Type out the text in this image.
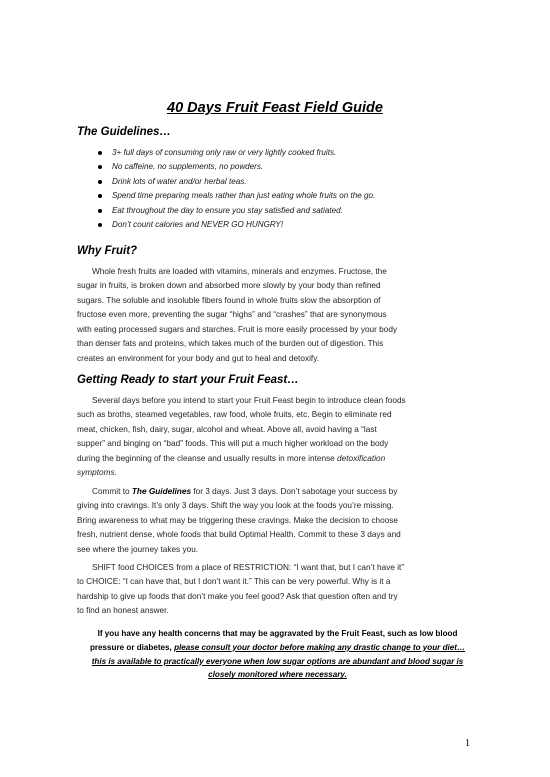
40 Days Fruit Feast Field Guide
The Guidelines…
3+ full days of consuming only raw or very lightly cooked fruits.
No caffeine, no supplements, no powders.
Drink lots of water and/or herbal teas.
Spend time preparing meals rather than just eating whole fruits on the go.
Eat throughout the day to ensure you stay satisfied and satiated.
Don’t count calories and NEVER GO HUNGRY!
Why Fruit?

Whole fresh fruits are loaded with vitamins, minerals and enzymes. Fructose, the

sugar in fruits, is broken down and absorbed more slowly by your body than refined

sugars. The soluble and insoluble fibers found in whole fruits slow the absorption of

fructose even more, preventing the sugar “highs” and “crashes” that are synonymous

with eating processed sugars and starches. Fruit is more easily processed by your body

than denser fats and proteins, which takes much of the burden out of digestion. This

creates an environment for your body and gut to heal and detoxify.

Getting Ready to start your Fruit Feast…

Several days before you intend to start your Fruit Feast begin to introduce clean foods

such as broths, steamed vegetables, raw food, whole fruits, etc. Begin to eliminate red

meat, chicken, fish, dairy, sugar, alcohol and wheat. Above all, avoid having a “last

supper” and binging on “bad” foods. This will put a much higher workload on the body

during the beginning of the cleanse and usually results in more intense detoxification

symptoms.

Commit to The Guidelines for 3 days. Just 3 days. Don’t sabotage your success by

giving into cravings. It’s only 3 days. Shift the way you look at the foods you’re missing.

Bring awareness to what may be triggering these cravings. Make the decision to choose

fresh, nutrient dense, whole foods that build Optimal Health. Commit to these 3 days and

see where the journey takes you.

SHIFT food CHOICES from a place of RESTRICTION: “I want that, but I can’t have it”

to CHOICE: “I can have that, but I don’t want it.” This can be very powerful. Why is it a

hardship to give up foods that don’t make you feel good? Ask that question often and try

to find an honest answer.

If you have any health concerns that may be aggravated by the Fruit Feast, such as low blood

pressure or diabetes, please consult your doctor before making any drastic change to your diet…

this is available to practically everyone when low sugar options are abundant and blood sugar is

closely monitored where necessary.

1
